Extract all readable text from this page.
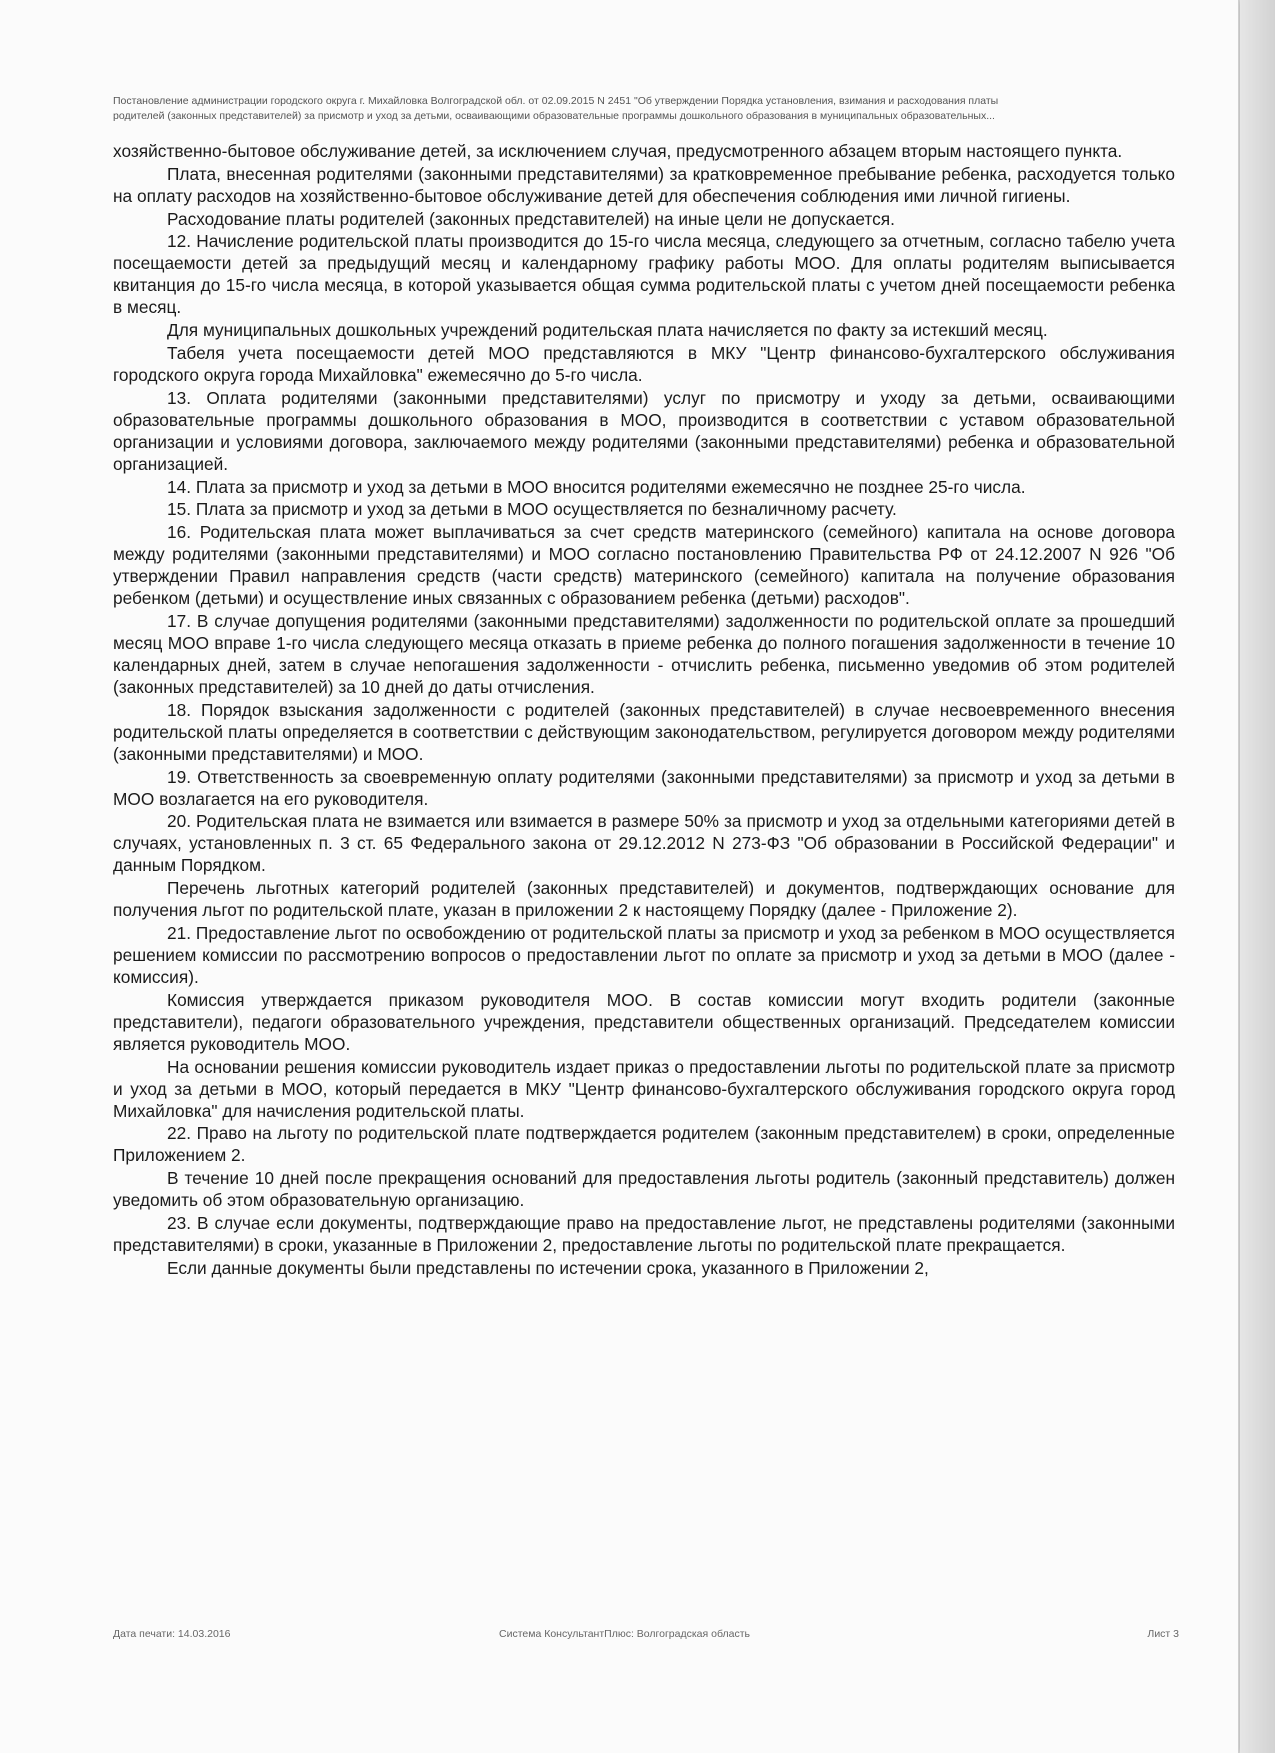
Постановление администрации городского округа г. Михайловка Волгоградской обл. от 02.09.2015 N 2451 "Об утверждении Порядка установления, взимания и расходования платы
родителей (законных представителей) за присмотр и уход за детьми, осваивающими образовательные программы дошкольного образования в муниципальных образовательных...

хозяйственно-бытовое обслуживание детей, за исключением случая, предусмотренного абзацем вторым настоящего пункта.

Плата, внесенная родителями (законными представителями) за кратковременное пребывание ребенка, расходуется только на оплату расходов на хозяйственно-бытовое обслуживание детей для обеспечения соблюдения ими личной гигиены.

Расходование платы родителей (законных представителей) на иные цели не допускается.

12. Начисление родительской платы производится до 15-го числа месяца, следующего за отчетным, согласно табелю учета посещаемости детей за предыдущий месяц и календарному графику работы МОО. Для оплаты родителям выписывается квитанция до 15-го числа месяца, в которой указывается общая сумма родительской платы с учетом дней посещаемости ребенка в месяц.

Для муниципальных дошкольных учреждений родительская плата начисляется по факту за истекший месяц.

Табеля учета посещаемости детей МОО представляются в МКУ "Центр финансово-бухгалтерского обслуживания городского округа города Михайловка" ежемесячно до 5-го числа.

13. Оплата родителями (законными представителями) услуг по присмотру и уходу за детьми, осваивающими образовательные программы дошкольного образования в МОО, производится в соответствии с уставом образовательной организации и условиями договора, заключаемого между родителями (законными представителями) ребенка и образовательной организацией.

14. Плата за присмотр и уход за детьми в МОО вносится родителями ежемесячно не позднее 25-го числа.

15. Плата за присмотр и уход за детьми в МОО осуществляется по безналичному расчету.

16. Родительская плата может выплачиваться за счет средств материнского (семейного) капитала на основе договора между родителями (законными представителями) и МОО согласно постановлению Правительства РФ от 24.12.2007 N 926 "Об утверждении Правил направления средств (части средств) материнского (семейного) капитала на получение образования ребенком (детьми) и осуществление иных связанных с образованием ребенка (детьми) расходов".

17. В случае допущения родителями (законными представителями) задолженности по родительской оплате за прошедший месяц МОО вправе 1-го числа следующего месяца отказать в приеме ребенка до полного погашения задолженности в течение 10 календарных дней, затем в случае непогашения задолженности - отчислить ребенка, письменно уведомив об этом родителей (законных представителей) за 10 дней до даты отчисления.

18. Порядок взыскания задолженности с родителей (законных представителей) в случае несвоевременного внесения родительской платы определяется в соответствии с действующим законодательством, регулируется договором между родителями (законными представителями) и МОО.

19. Ответственность за своевременную оплату родителями (законными представителями) за присмотр и уход за детьми в МОО возлагается на его руководителя.

20. Родительская плата не взимается или взимается в размере 50% за присмотр и уход за отдельными категориями детей в случаях, установленных п. 3 ст. 65 Федерального закона от 29.12.2012 N 273-ФЗ "Об образовании в Российской Федерации" и данным Порядком.

Перечень льготных категорий родителей (законных представителей) и документов, подтверждающих основание для получения льгот по родительской плате, указан в приложении 2 к настоящему Порядку (далее - Приложение 2).

21. Предоставление льгот по освобождению от родительской платы за присмотр и уход за ребенком в МОО осуществляется решением комиссии по рассмотрению вопросов о предоставлении льгот по оплате за присмотр и уход за детьми в МОО (далее - комиссия).

Комиссия утверждается приказом руководителя МОО. В состав комиссии могут входить родители (законные представители), педагоги образовательного учреждения, представители общественных организаций. Председателем комиссии является руководитель МОО.

На основании решения комиссии руководитель издает приказ о предоставлении льготы по родительской плате за присмотр и уход за детьми в МОО, который передается в МКУ "Центр финансово-бухгалтерского обслуживания городского округа город Михайловка" для начисления родительской платы.

22. Право на льготу по родительской плате подтверждается родителем (законным представителем) в сроки, определенные Приложением 2.

В течение 10 дней после прекращения оснований для предоставления льготы родитель (законный представитель) должен уведомить об этом образовательную организацию.

23. В случае если документы, подтверждающие право на предоставление льгот, не представлены родителями (законными представителями) в сроки, указанные в Приложении 2, предоставление льготы по родительской плате прекращается.

Если данные документы были представлены по истечении срока, указанного в Приложении 2,

Дата печати: 14.03.2016	Система КонсультантПлюс: Волгоградская область	Лист 3
